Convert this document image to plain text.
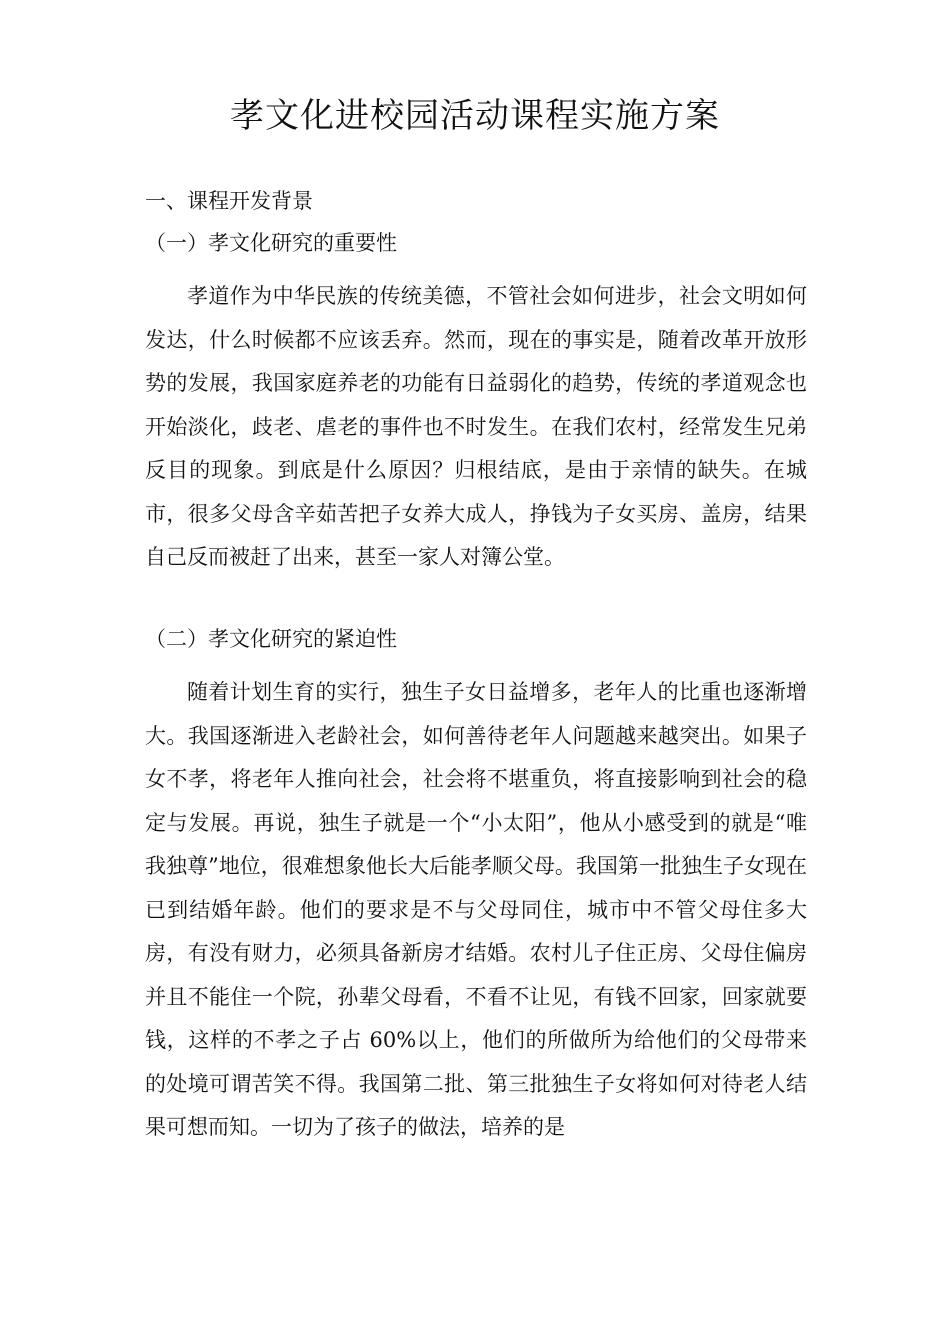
孝文化进校园活动课程实施方案
一、课程开发背景
（一）孝文化研究的重要性

孝道作为中华民族的传统美德，不管社会如何进步，社会文明如何发达，什么时候都不应该丢弃。然而，现在的事实是，随着改革开放形势的发展，我国家庭养老的功能有日益弱化的趋势，传统的孝道观念也开始淡化，歧老、虐老的事件也不时发生。在我们农村，经常发生兄弟反目的现象。到底是什么原因？归根结底，是由于亲情的缺失。在城市，很多父母含辛茹苦把子女养大成人，挣钱为子女买房、盖房，结果自己反而被赶了出来，甚至一家人对簿公堂。

（二）孝文化研究的紧迫性

随着计划生育的实行，独生子女日益增多，老年人的比重也逐渐增大。我国逐渐进入老龄社会，如何善待老年人问题越来越突出。如果子女不孝，将老年人推向社会，社会将不堪重负，将直接影响到社会的稳定与发展。再说，独生子就是一个“小太阳”，他从小感受到的就是“唯我独尊”地位，很难想象他长大后能孝顺父母。我国第一批独生子女现在已到结婚年龄。他们的要求是不与父母同住，城市中不管父母住多大房，有没有财力，必须具备新房才结婚。农村儿子住正房、父母住偏房并且不能住一个院，孙辈父母看，不看不让见，有钱不回家，回家就要钱，这样的不孝之子占 60%以上，他们的所做所为给他们的父母带来的处境可谓苦笑不得。我国第二批、第三批独生子女将如何对待老人结果可想而知。一切为了孩子的做法，培养的是
